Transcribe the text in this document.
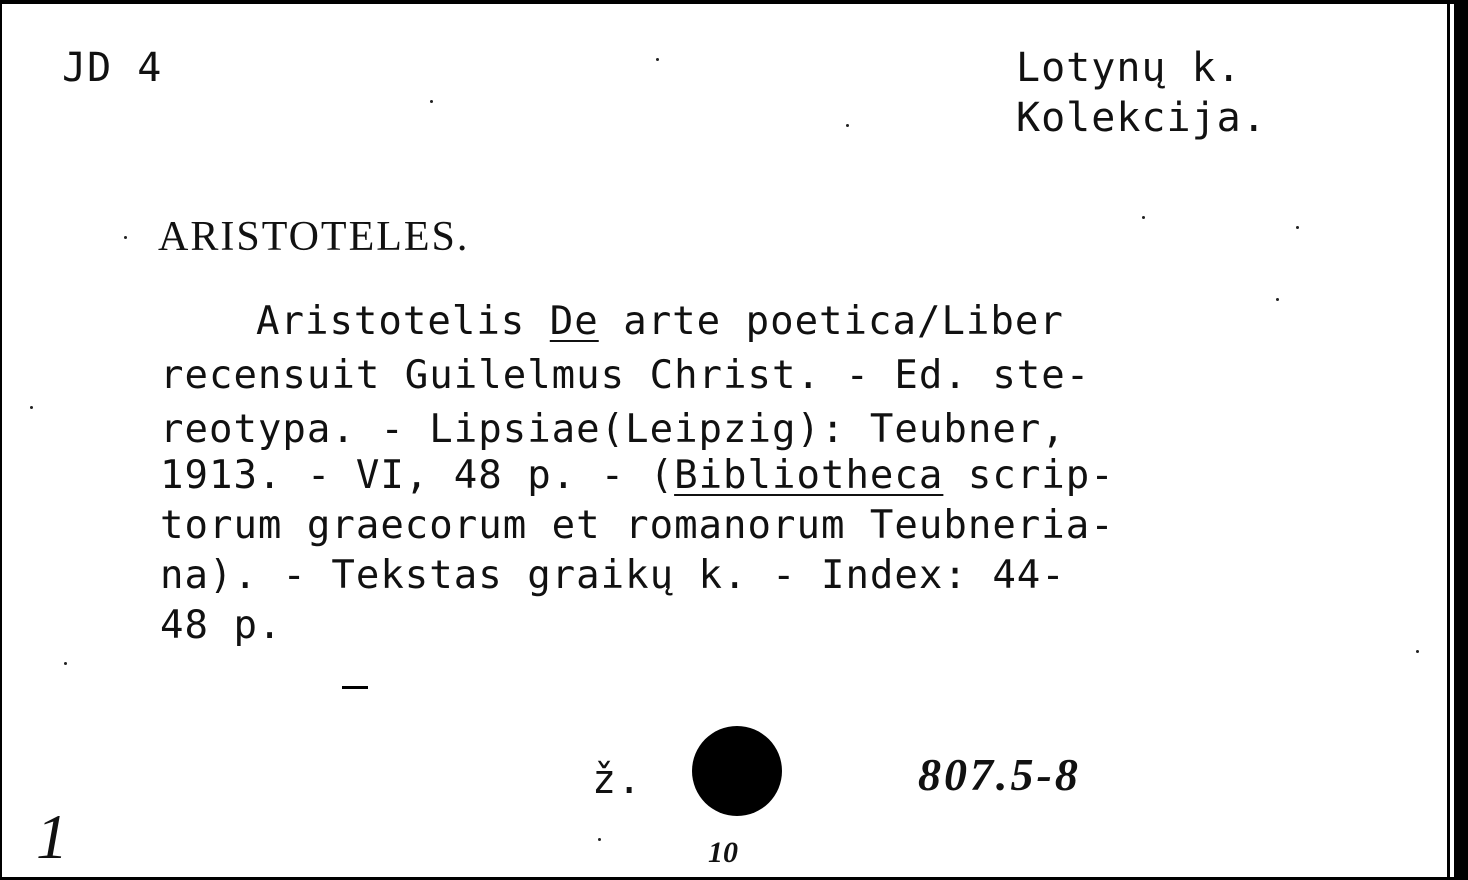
JD 4	Lotynų k.
Kolekcija.
ARISTOTELES.
Aristotelis De arte poetica/Liber
recensuit Guilelmus Christ. - Ed. ste-
reotypa. - Lipsiae(Leipzig): Teubner,
1913. - VI, 48 p. - (Bibliotheca scrip-
torum graecorum et romanorum Teubneria-
na). - Tekstas graikų k. - Index: 44-
48 p.
ž.
10
807.5-8
1
